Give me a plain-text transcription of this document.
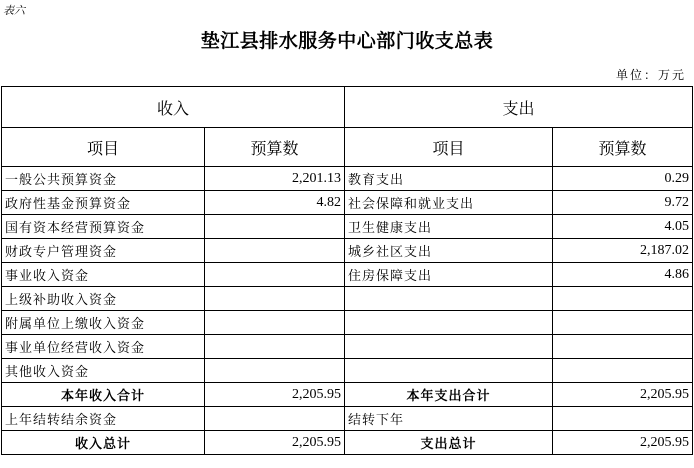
表六
垫江县排水服务中心部门收支总表
单位：万元
收入		支出	
项目	预算数	项目	预算数
一般公共预算资金	2,201.13	教育支出	0.29
政府性基金预算资金	4.82	社会保障和就业支出	9.72
国有资本经营预算资金		卫生健康支出	4.05
财政专户管理资金		城乡社区支出	2,187.02
事业收入资金		住房保障支出	4.86
上级补助收入资金			
附属单位上缴收入资金			
事业单位经营收入资金			
其他收入资金			
本年收入合计	2,205.95	本年支出合计	2,205.95
上年结转结余资金		结转下年	
收入总计	2,205.95	支出总计	2,205.95
